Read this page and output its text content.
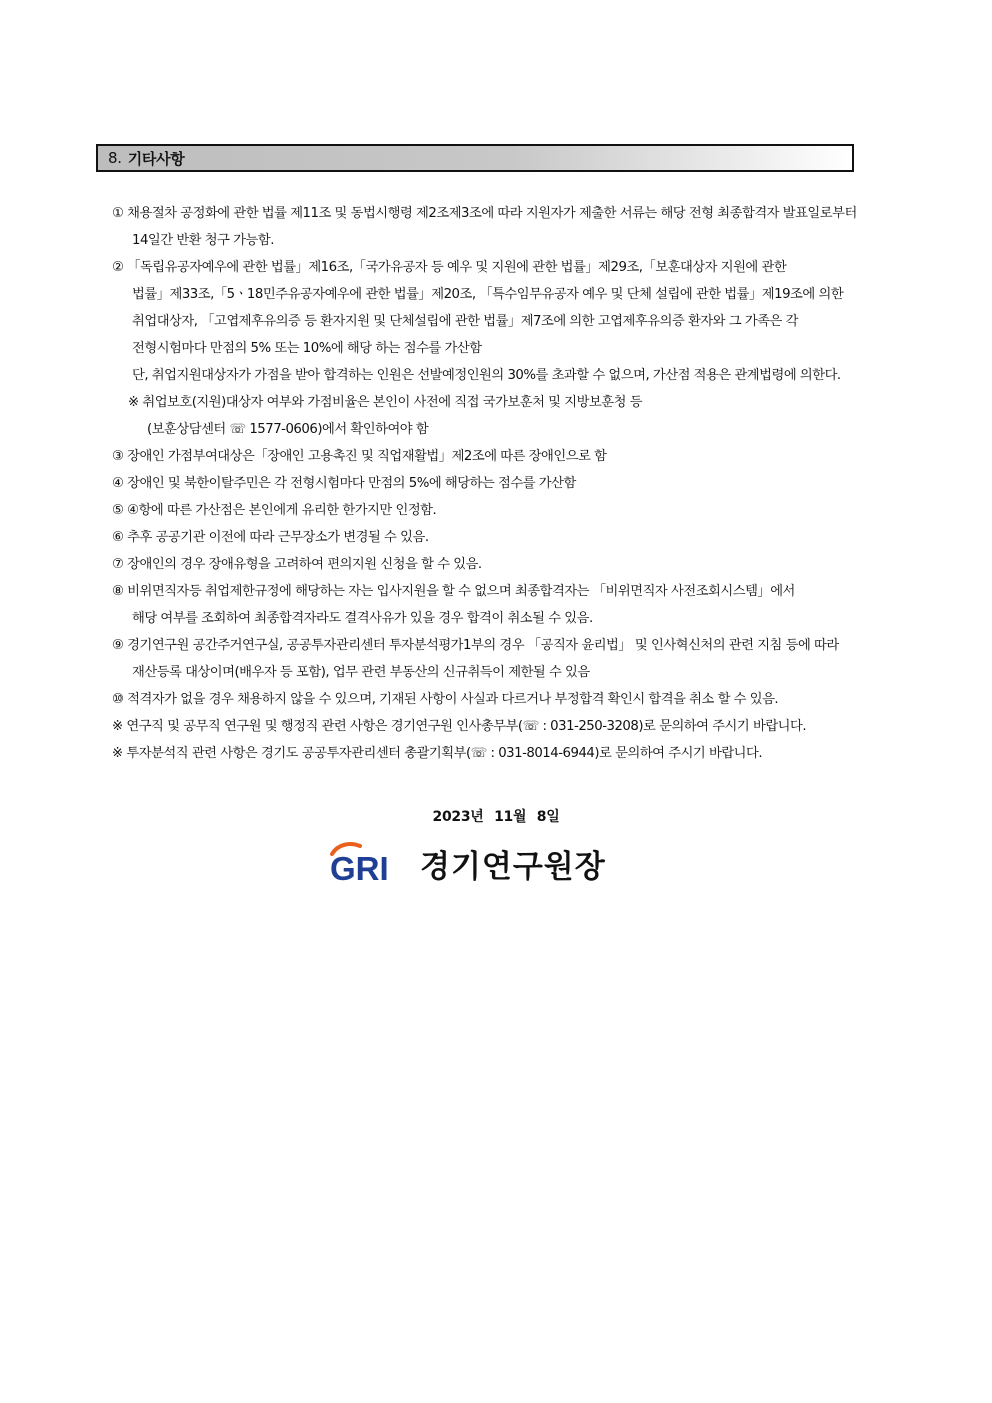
8. 기타사항
① 채용절차 공정화에 관한 법률 제11조 및 동법시행령 제2조제3조에 따라 지원자가 제출한 서류는 해당 전형 최종합격자 발표일로부터
14일간 반환 청구 가능함.
② 「독립유공자예우에 관한 법률」제16조,「국가유공자 등 예우 및 지원에 관한 법률」제29조,「보훈대상자 지원에 관한
법률」제33조,「5ㆍ18민주유공자예우에 관한 법률」제20조, 「특수임무유공자 예우 및 단체 설립에 관한 법률」제19조에 의한
취업대상자, 「고엽제후유의증 등 환자지원 및 단체설립에 관한 법률」제7조에 의한 고엽제후유의증 환자와 그 가족은 각
전형시험마다 만점의 5% 또는 10%에 해당 하는 점수를 가산함
단, 취업지원대상자가 가점을 받아 합격하는 인원은 선발예정인원의 30%를 초과할 수 없으며, 가산점 적용은 관계법령에 의한다.
※ 취업보호(지원)대상자 여부와 가점비율은 본인이 사전에 직접 국가보훈처 및 지방보훈청 등
(보훈상담센터 ☏ 1577-0606)에서 확인하여야 함
③ 장애인 가점부여대상은「장애인 고용촉진 및 직업재활법」제2조에 따른 장애인으로 함
④ 장애인 및 북한이탈주민은 각 전형시험마다 만점의 5%에 해당하는 점수를 가산함
⑤ ④항에 따른 가산점은 본인에게 유리한 한가지만 인정함.
⑥ 추후 공공기관 이전에 따라 근무장소가 변경될 수 있음.
⑦ 장애인의 경우 장애유형을 고려하여 편의지원 신청을 할 수 있음.
⑧ 비위면직자등 취업제한규정에 해당하는 자는 입사지원을 할 수 없으며 최종합격자는 「비위면직자 사전조회시스템」에서
해당 여부를 조회하여 최종합격자라도 결격사유가 있을 경우 합격이 취소될 수 있음.
⑨ 경기연구원 공간주거연구실, 공공투자관리센터 투자분석평가1부의 경우 「공직자 윤리법」 및 인사혁신처의 관련 지침 등에 따라
재산등록 대상이며(배우자 등 포함), 업무 관련 부동산의 신규취득이 제한될 수 있음
⑩ 적격자가 없을 경우 채용하지 않을 수 있으며, 기재된 사항이 사실과 다르거나 부정합격 확인시 합격을 취소 할 수 있음.
※ 연구직 및 공무직 연구원 및 행정직 관련 사항은 경기연구원 인사총무부(☏ : 031-250-3208)로 문의하여 주시기 바랍니다.
※ 투자분석직 관련 사항은 경기도 공공투자관리센터 총괄기획부(☏ : 031-8014-6944)로 문의하여 주시기 바랍니다.
2023년 11월 8일
GRI 경기연구원장
